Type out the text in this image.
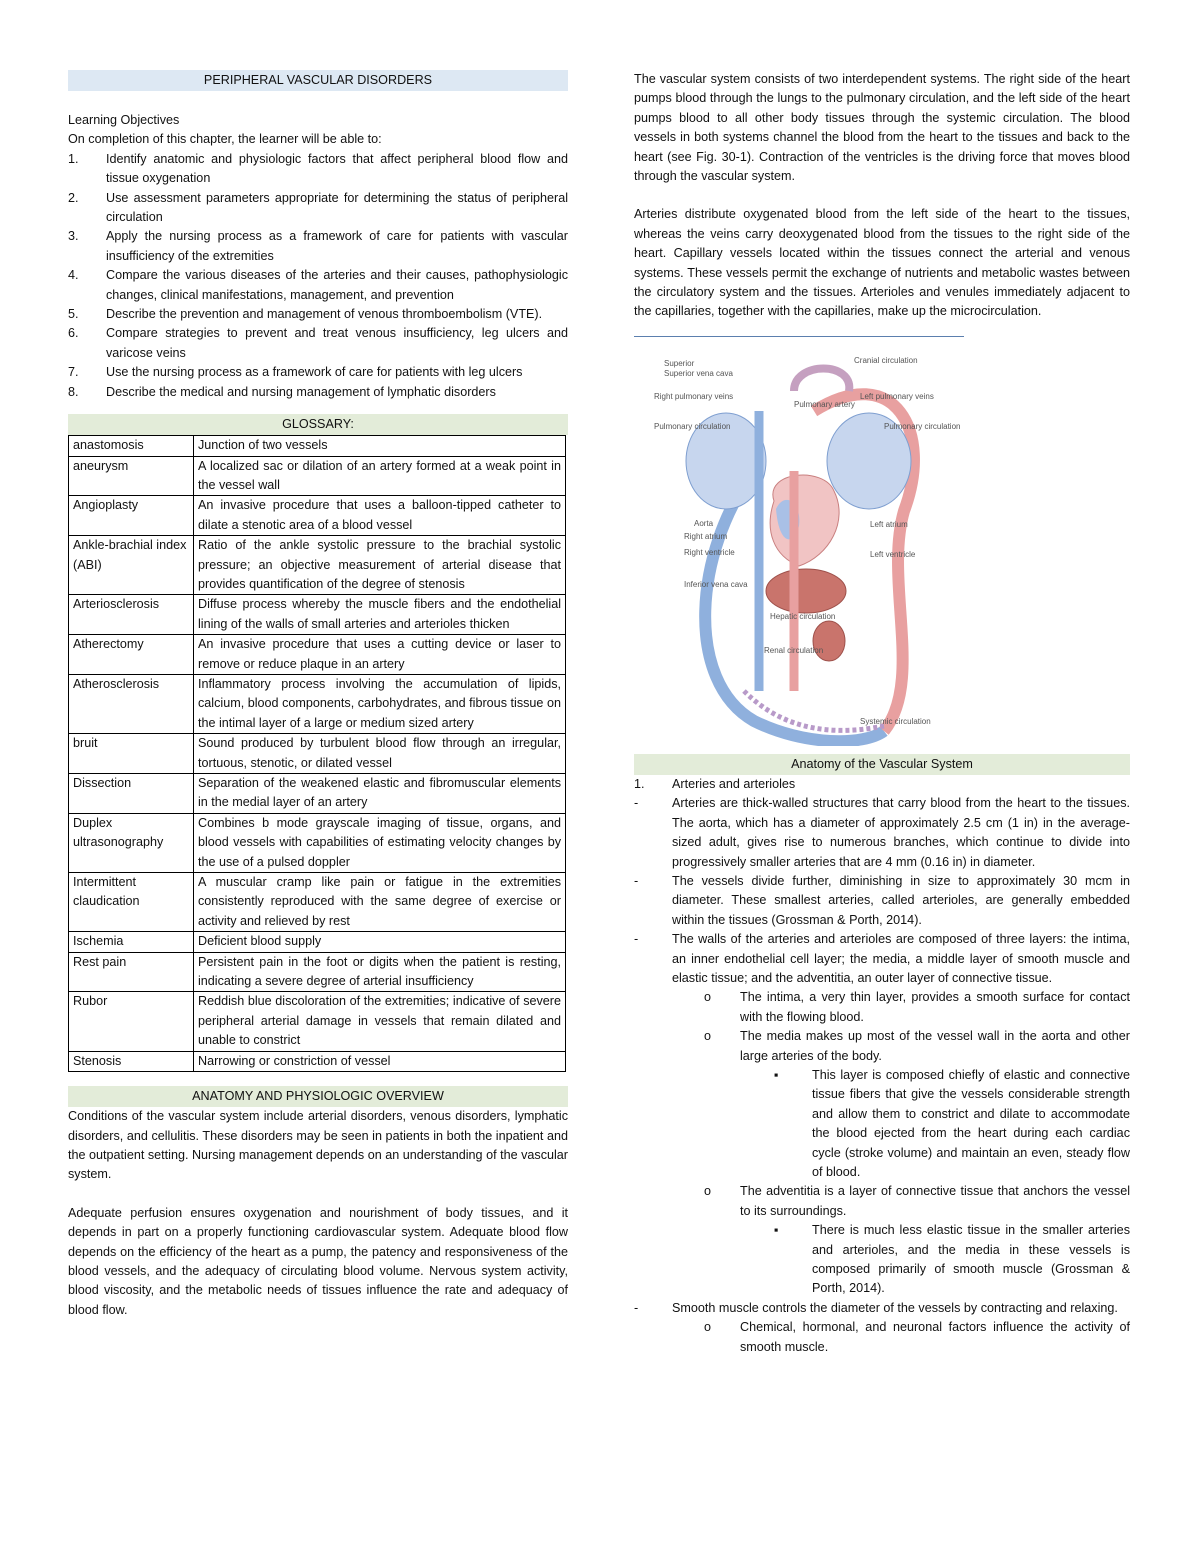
PERIPHERAL VASCULAR DISORDERS

Learning Objectives

On completion of this chapter, the learner will be able to:

1.	Identify anatomic and physiologic factors that affect peripheral blood flow and tissue oxygenation
2.	Use assessment parameters appropriate for determining the status of peripheral circulation
3.	Apply the nursing process as a framework of care for patients with vascular insufficiency of the extremities
4.	Compare the various diseases of the arteries and their causes, pathophysiologic changes, clinical manifestations, management, and prevention
5.	Describe the prevention and management of venous thromboembolism (VTE).
6.	Compare strategies to prevent and treat venous insufficiency, leg ulcers and varicose veins
7.	Use the nursing process as a framework of care for patients with leg ulcers
8.	Describe the medical and nursing management of lymphatic disorders
GLOSSARY:
anastomosis	Junction of two vessels
aneurysm	A localized sac or dilation of an artery formed at a weak point in the vessel wall
Angioplasty	An invasive procedure that uses a balloon-tipped catheter to dilate a stenotic area of a blood vessel
Ankle-brachial index (ABI)	Ratio of the ankle systolic pressure to the brachial systolic pressure; an objective measurement of arterial disease that provides quantification of the degree of stenosis
Arteriosclerosis	Diffuse process whereby the muscle fibers and the endothelial lining of the walls of small arteries and arterioles thicken
Atherectomy	An invasive procedure that uses a cutting device or laser to remove or reduce plaque in an artery
Atherosclerosis	Inflammatory process involving the accumulation of lipids, calcium, blood components, carbohydrates, and fibrous tissue on the intimal layer of a large or medium sized artery
bruit	Sound produced by turbulent blood flow through an irregular, tortuous, stenotic, or dilated vessel
Dissection	Separation of the weakened elastic and fibromuscular elements in the medial layer of an artery
Duplex ultrasonography	Combines b mode grayscale imaging of tissue, organs, and blood vessels with capabilities of estimating velocity changes by the use of a pulsed doppler
Intermittent claudication	A muscular cramp like pain or fatigue in the extremities consistently reproduced with the same degree of exercise or activity and relieved by rest
Ischemia	Deficient blood supply
Rest pain	Persistent pain in the foot or digits when the patient is resting, indicating a severe degree of arterial insufficiency
Rubor	Reddish blue discoloration of the extremities; indicative of severe peripheral arterial damage in vessels that remain dilated and unable to constrict
Stenosis	Narrowing or constriction of vessel
ANATOMY AND PHYSIOLOGIC OVERVIEW

Conditions of the vascular system include arterial disorders, venous disorders, lymphatic disorders, and cellulitis. These disorders may be seen in patients in both the inpatient and the outpatient setting. Nursing management depends on an understanding of the vascular system.

Adequate perfusion ensures oxygenation and nourishment of body tissues, and it depends in part on a properly functioning cardiovascular system. Adequate blood flow depends on the efficiency of the heart as a pump, the patency and responsiveness of the blood vessels, and the adequacy of circulating blood volume. Nervous system activity, blood viscosity, and the metabolic needs of tissues influence the rate and adequacy of blood flow.

The vascular system consists of two interdependent systems. The right side of the heart pumps blood through the lungs to the pulmonary circulation, and the left side of the heart pumps blood to all other body tissues through the systemic circulation. The blood vessels in both systems channel the blood from the heart to the tissues and back to the heart (see Fig. 30-1). Contraction of the ventricles is the driving force that moves blood through the vascular system.

Arteries distribute oxygenated blood from the left side of the heart to the tissues, whereas the veins carry deoxygenated blood from the tissues to the right side of the heart. Capillary vessels located within the tissues connect the arterial and venous systems. These vessels permit the exchange of nutrients and metabolic wastes between the circulatory system and the tissues. Arterioles and venules immediately adjacent to the capillaries, together with the capillaries, make up the microcirculation.

Superior
Superior vena cava
Right pulmonary veins
Pulmonary circulation
Cranial circulation
Left pulmonary veins
Pulmonary artery
Pulmonary circulation
Aorta
Right atrium
Right ventricle
Left atrium
Left ventricle
Inferior vena cava
Hepatic circulation
Renal circulation
Systemic circulation
Anatomy of the Vascular System
1.	Arteries and arterioles
-	Arteries are thick-walled structures that carry blood from the heart to the tissues. The aorta, which has a diameter of approximately 2.5 cm (1 in) in the average-sized adult, gives rise to numerous branches, which continue to divide into progressively smaller arteries that are 4 mm (0.16 in) in diameter.
-	The vessels divide further, diminishing in size to approximately 30 mcm in diameter. These smallest arteries, called arterioles, are generally embedded within the tissues (Grossman & Porth, 2014).
-	The walls of the arteries and arterioles are composed of three layers: the intima, an inner endothelial cell layer; the media, a middle layer of smooth muscle and elastic tissue; and the adventitia, an outer layer of connective tissue.
o	The intima, a very thin layer, provides a smooth surface for contact with the flowing blood.
o	The media makes up most of the vessel wall in the aorta and other large arteries of the body.
▪	This layer is composed chiefly of elastic and connective tissue fibers that give the vessels considerable strength and allow them to constrict and dilate to accommodate the blood ejected from the heart during each cardiac cycle (stroke volume) and maintain an even, steady flow of blood.
o	The adventitia is a layer of connective tissue that anchors the vessel to its surroundings.
▪	There is much less elastic tissue in the smaller arteries and arterioles, and the media in these vessels is composed primarily of smooth muscle (Grossman & Porth, 2014).
-	Smooth muscle controls the diameter of the vessels by contracting and relaxing.
o	Chemical, hormonal, and neuronal factors influence the activity of smooth muscle.
